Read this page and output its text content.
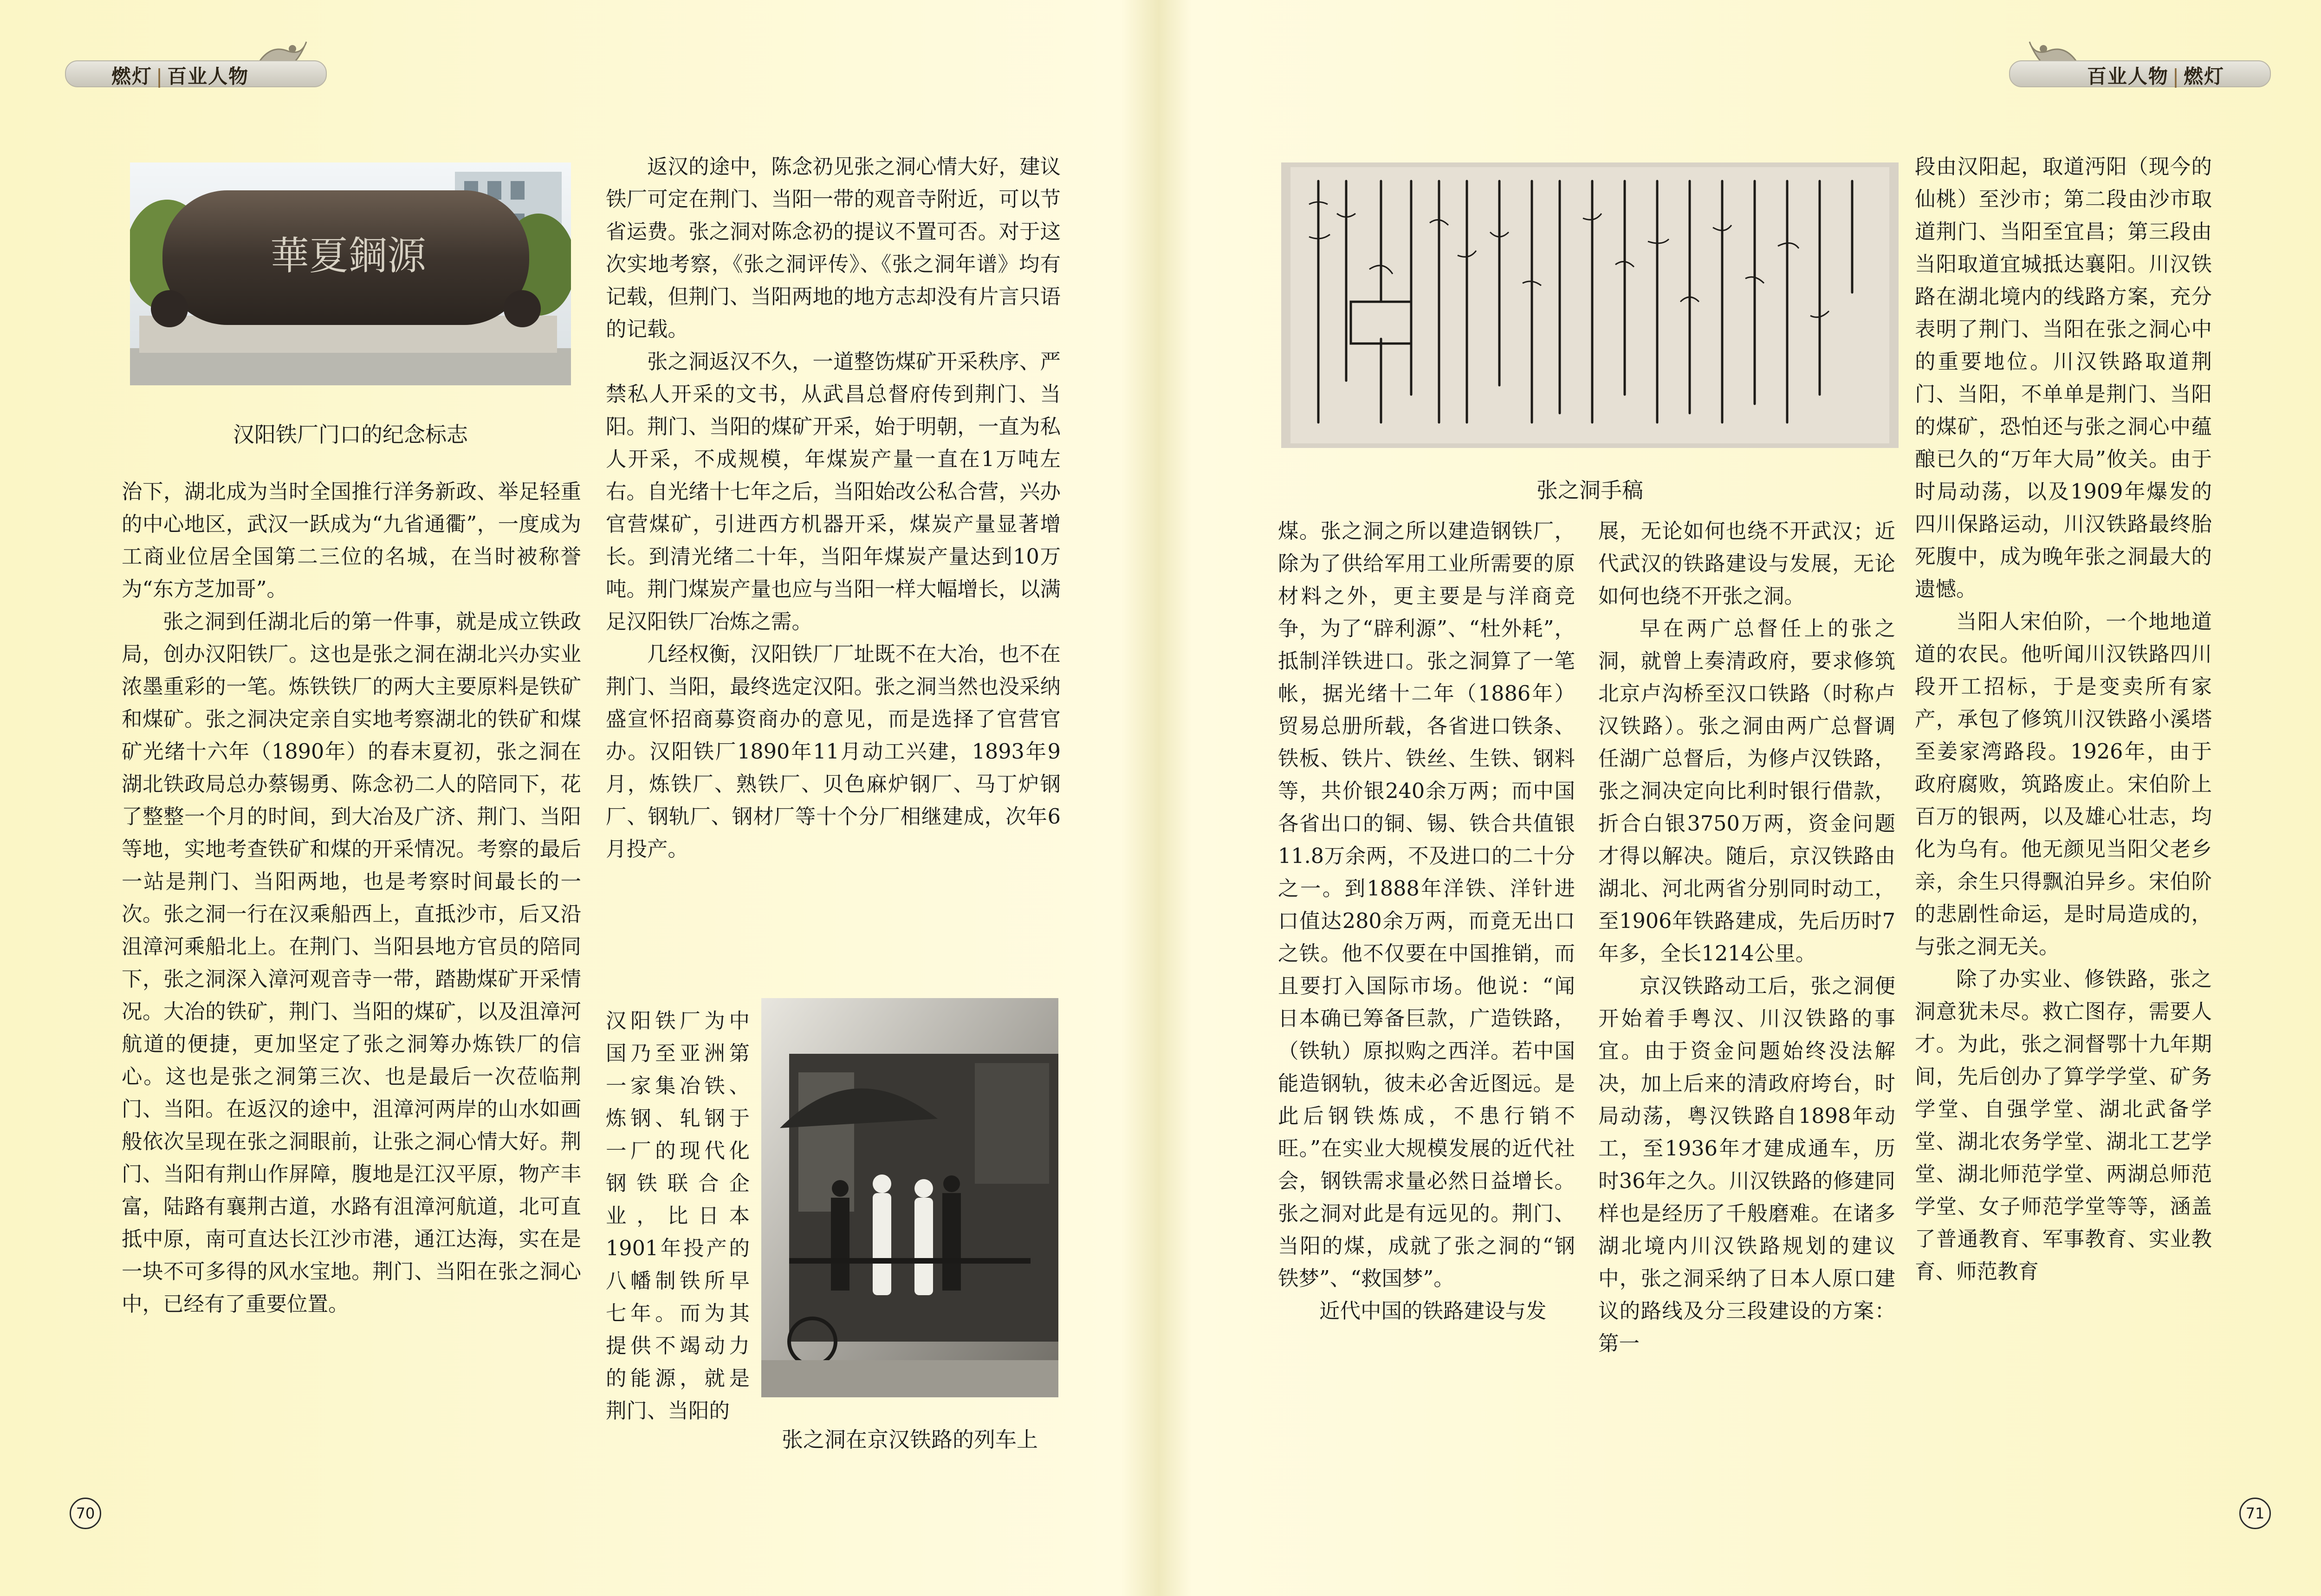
燃灯 | 百业人物	百业人物 | 燃灯
華夏鋼源
汉阳铁厂门口的纪念标志

治下，湖北成为当时全国推行洋务新政、举足轻重的中心地区，武汉一跃成为“九省通衢”，一度成为工商业位居全国第二三位的名城，在当时被称誉为“东方芝加哥”。

张之洞到任湖北后的第一件事，就是成立铁政局，创办汉阳铁厂。这也是张之洞在湖北兴办实业浓墨重彩的一笔。炼铁铁厂的两大主要原料是铁矿和煤矿。张之洞决定亲自实地考察湖北的铁矿和煤矿光绪十六年（1890年）的春末夏初，张之洞在湖北铁政局总办蔡锡勇、陈念礽二人的陪同下，花了整整一个月的时间，到大冶及广济、荆门、当阳等地，实地考查铁矿和煤的开采情况。考察的最后一站是荆门、当阳两地，也是考察时间最长的一次。张之洞一行在汉乘船西上，直抵沙市，后又沿沮漳河乘船北上。在荆门、当阳县地方官员的陪同下，张之洞深入漳河观音寺一带，踏勘煤矿开采情况。大冶的铁矿，荆门、当阳的煤矿，以及沮漳河航道的便捷，更加坚定了张之洞筹办炼铁厂的信心。这也是张之洞第三次、也是最后一次莅临荆门、当阳。在返汉的途中，沮漳河两岸的山水如画般依次呈现在张之洞眼前，让张之洞心情大好。荆门、当阳有荆山作屏障，腹地是江汉平原，物产丰富，陆路有襄荆古道，水路有沮漳河航道，北可直抵中原，南可直达长江沙市港，通江达海，实在是一块不可多得的风水宝地。荆门、当阳在张之洞心中，已经有了重要位置。

返汉的途中，陈念礽见张之洞心情大好，建议铁厂可定在荆门、当阳一带的观音寺附近，可以节省运费。张之洞对陈念礽的提议不置可否。对于这次实地考察，《张之洞评传》、《张之洞年谱》均有记载，但荆门、当阳两地的地方志却没有片言只语的记载。

张之洞返汉不久，一道整饬煤矿开采秩序、严禁私人开采的文书，从武昌总督府传到荆门、当阳。荆门、当阳的煤矿开采，始于明朝，一直为私人开采，不成规模，年煤炭产量一直在1万吨左右。自光绪十七年之后，当阳始改公私合营，兴办官营煤矿，引进西方机器开采，煤炭产量显著增长。到清光绪二十年，当阳年煤炭产量达到10万吨。荆门煤炭产量也应与当阳一样大幅增长，以满足汉阳铁厂冶炼之需。

几经权衡，汉阳铁厂厂址既不在大冶，也不在荆门、当阳，最终选定汉阳。张之洞当然也没采纳盛宣怀招商募资商办的意见，而是选择了官营官办。汉阳铁厂1890年11月动工兴建，1893年9月，炼铁厂、熟铁厂、贝色麻炉钢厂、马丁炉钢厂、钢轨厂、钢材厂等十个分厂相继建成，次年6月投产。

汉阳铁厂为中国乃至亚洲第一家集冶铁、炼钢、轧钢于一厂的现代化钢铁联合企业，比日本1901年投产的八幡制铁所早七年。而为其提供不竭动力的能源，就是荆门、当阳的

张之洞在京汉铁路的列车上
张之洞手稿

煤。张之洞之所以建造钢铁厂，除为了供给军用工业所需要的原材料之外，更主要是与洋商竞争，为了“辟利源”、“杜外耗”，抵制洋铁进口。张之洞算了一笔帐，据光绪十二年（1886年）贸易总册所载，各省进口铁条、铁板、铁片、铁丝、生铁、钢料等，共价银240余万两；而中国各省出口的铜、锡、铁合共值银11.8万余两，不及进口的二十分之一。到1888年洋铁、洋针进口值达280余万两，而竟无出口之铁。他不仅要在中国推销，而且要打入国际市场。他说：“闻日本确已筹备巨款，广造铁路，（铁轨）原拟购之西洋。若中国能造钢轨，彼未必舍近图远。是此后钢铁炼成，不患行销不旺。”在实业大规模发展的近代社会，钢铁需求量必然日益增长。张之洞对此是有远见的。荆门、当阳的煤，成就了张之洞的“钢铁梦”、“救国梦”。

近代中国的铁路建设与发

展，无论如何也绕不开武汉；近代武汉的铁路建设与发展，无论如何也绕不开张之洞。

早在两广总督任上的张之洞，就曾上奏清政府，要求修筑北京卢沟桥至汉口铁路（时称卢汉铁路）。张之洞由两广总督调任湖广总督后，为修卢汉铁路，张之洞决定向比利时银行借款，折合白银3750万两，资金问题才得以解决。随后，京汉铁路由湖北、河北两省分别同时动工，至1906年铁路建成，先后历时7年多，全长1214公里。

京汉铁路动工后，张之洞便开始着手粤汉、川汉铁路的事宜。由于资金问题始终没法解决，加上后来的清政府垮台，时局动荡，粤汉铁路自1898年动工，至1936年才建成通车，历时36年之久。川汉铁路的修建同样也是经历了千般磨难。在诸多湖北境内川汉铁路规划的建议中，张之洞采纳了日本人原口建议的路线及分三段建设的方案：第一

段由汉阳起，取道沔阳（现今的仙桃）至沙市；第二段由沙市取道荆门、当阳至宜昌；第三段由当阳取道宜城抵达襄阳。川汉铁路在湖北境内的线路方案，充分表明了荆门、当阳在张之洞心中的重要地位。川汉铁路取道荆门、当阳，不单单是荆门、当阳的煤矿，恐怕还与张之洞心中蕴酿已久的“万年大局”攸关。由于时局动荡，以及1909年爆发的四川保路运动，川汉铁路最终胎死腹中，成为晚年张之洞最大的遗憾。

当阳人宋伯阶，一个地地道道的农民。他听闻川汉铁路四川段开工招标，于是变卖所有家产，承包了修筑川汉铁路小溪塔至姜家湾路段。1926年，由于政府腐败，筑路废止。宋伯阶上百万的银两，以及雄心壮志，均化为乌有。他无颜见当阳父老乡亲，余生只得飘泊异乡。宋伯阶的悲剧性命运，是时局造成的，与张之洞无关。

除了办实业、修铁路，张之洞意犹未尽。救亡图存，需要人才。为此，张之洞督鄂十九年期间，先后创办了算学学堂、矿务学堂、自强学堂、湖北武备学堂、湖北农务学堂、湖北工艺学堂、湖北师范学堂、两湖总师范学堂、女子师范学堂等等，涵盖了普通教育、军事教育、实业教育、师范教育

70	71
